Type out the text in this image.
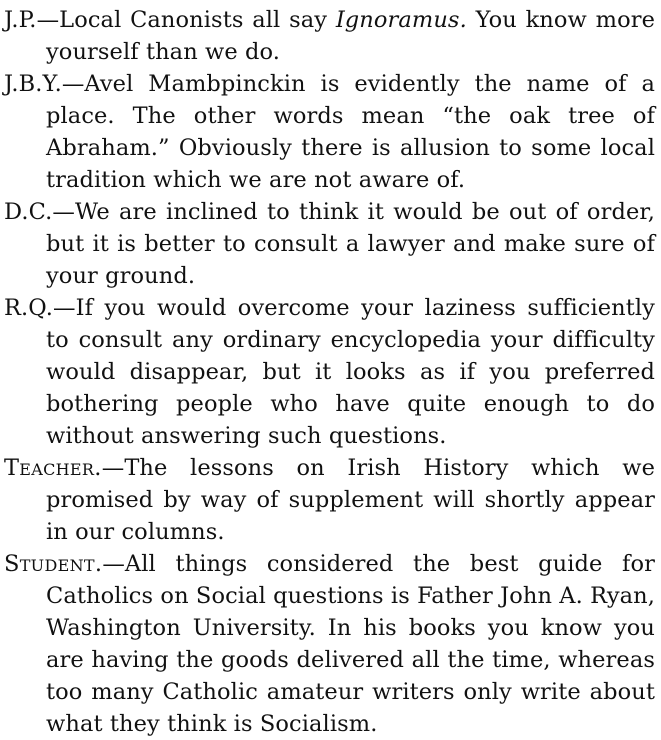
J.P.—Local Canonists all say Ignoramus. You know more yourself than we do.

J.B.Y.—Avel Mambpinckin is evidently the name of a place. The other words mean “the oak tree of Abraham.” Obviously there is allusion to some local tradition which we are not aware of.

D.C.—We are inclined to think it would be out of order, but it is better to consult a lawyer and make sure of your ground.

R.Q.—If you would overcome your laziness sufficiently to consult any ordinary encyclopedia your difficulty would disappear, but it looks as if you preferred bothering people who have quite enough to do without answering such questions.

Teacher.—The lessons on Irish History which we promised by way of supplement will shortly appear in our columns.

Student.—All things considered the best guide for Catholics on Social questions is Father John A. Ryan, Washington University. In his books you know you are having the goods delivered all the time, whereas too many Catholic amateur writers only write about what they think is Socialism.
